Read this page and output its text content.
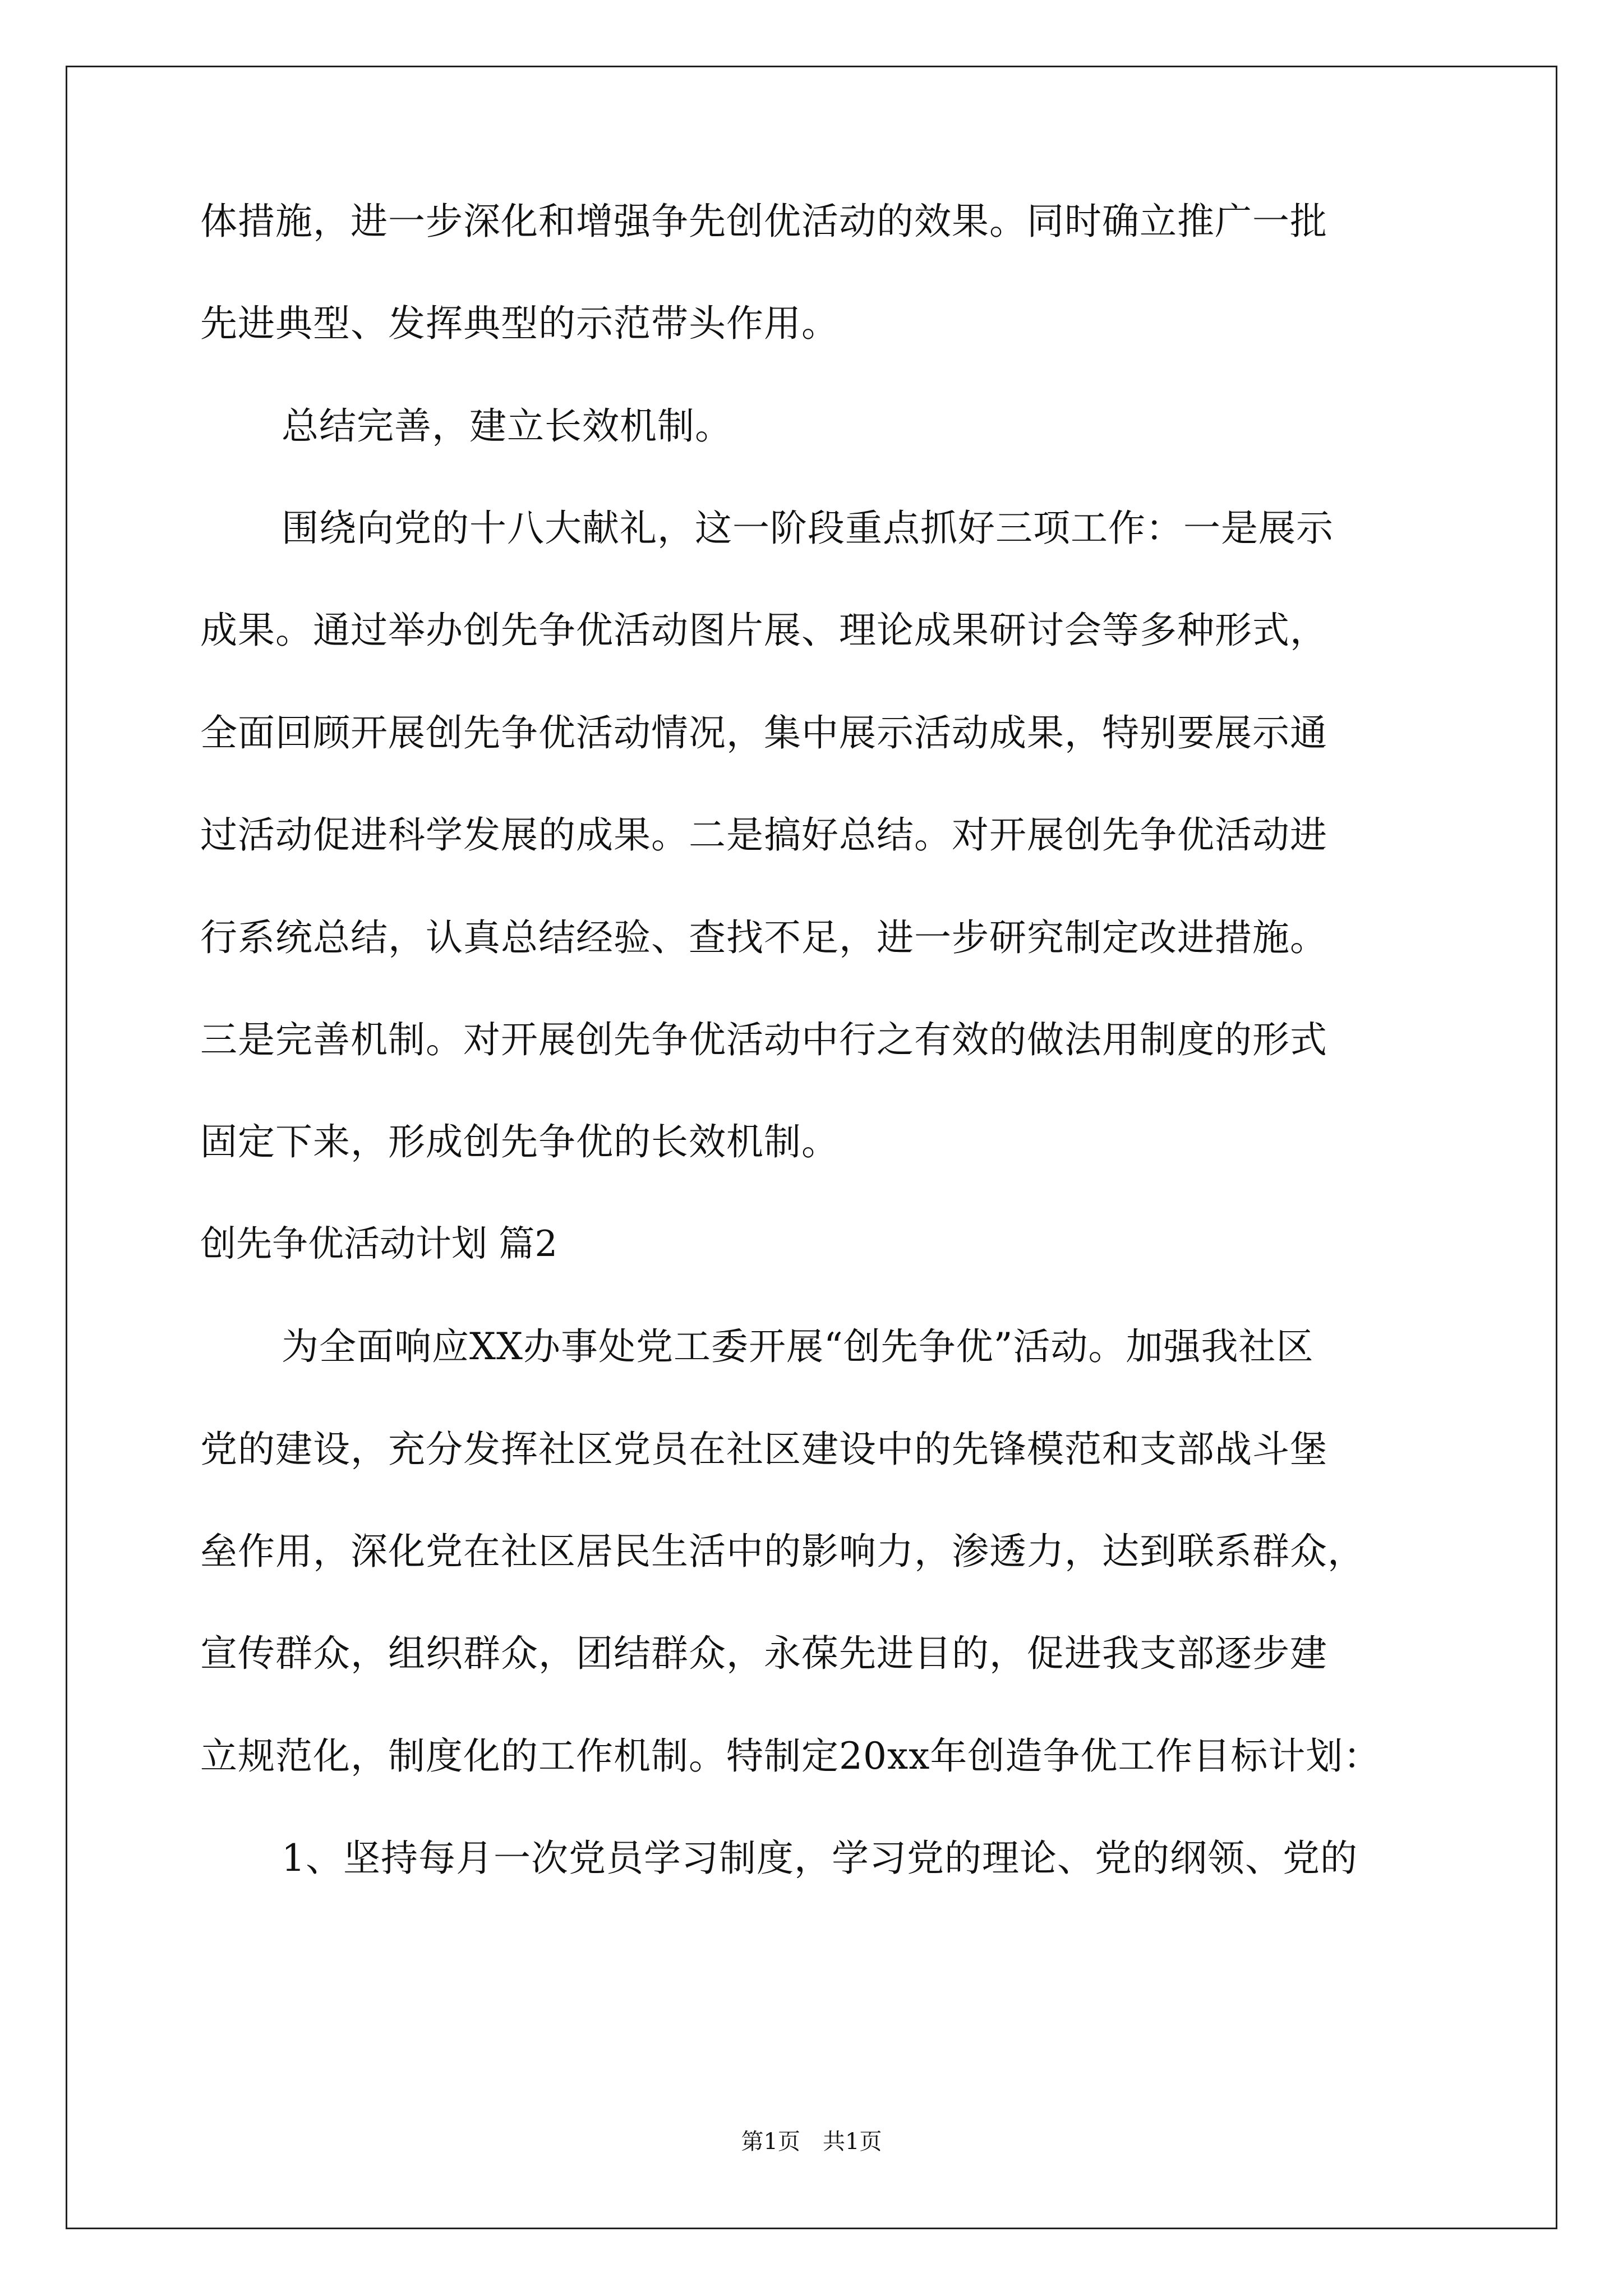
体措施，进一步深化和增强争先创优活动的效果。同时确立推广一批
先进典型、发挥典型的示范带头作用。
总结完善，建立长效机制。
围绕向党的十八大献礼，这一阶段重点抓好三项工作：一是展示
成果。通过举办创先争优活动图片展、理论成果研讨会等多种形式，
全面回顾开展创先争优活动情况，集中展示活动成果，特别要展示通
过活动促进科学发展的成果。二是搞好总结。对开展创先争优活动进
行系统总结，认真总结经验、查找不足，进一步研究制定改进措施。
三是完善机制。对开展创先争优活动中行之有效的做法用制度的形式
固定下来，形成创先争优的长效机制。
创先争优活动计划 篇2
为全面响应XX办事处党工委开展“创先争优”活动。加强我社区
党的建设，充分发挥社区党员在社区建设中的先锋模范和支部战斗堡
垒作用，深化党在社区居民生活中的影响力，渗透力，达到联系群众，
宣传群众，组织群众，团结群众，永葆先进目的，促进我支部逐步建
立规范化，制度化的工作机制。特制定20xx年创造争优工作目标计划：
1、坚持每月一次党员学习制度，学习党的理论、党的纲领、党的
第1页　共1页
